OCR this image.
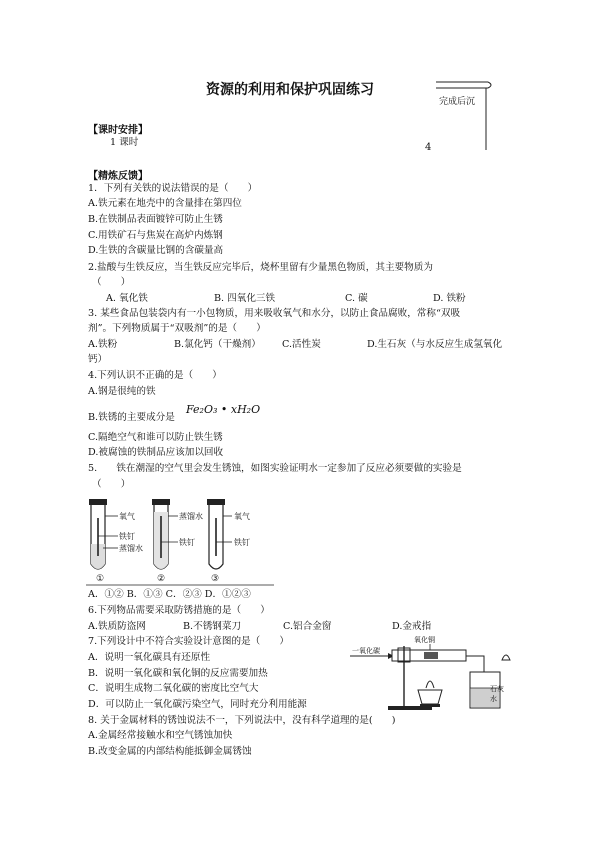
资源的利用和保护巩固练习
完成后沉
4
【课时安排】
1 课时
【精炼反馈】
1．下列有关铁的说法错误的是（　　）
A.铁元素在地壳中的含量排在第四位
B.在铁制品表面镀锌可防止生锈
C.用铁矿石与焦炭在高炉内炼钢
D.生铁的含碳量比钢的含碳量高
2.盐酸与生铁反应，当生铁反应完毕后，烧杯里留有少量黑色物质，其主要物质为
（　　）
A. 氧化铁	B. 四氧化三铁	C. 碳	D. 铁粉
3. 某些食品包装袋内有一小包物质，用来吸收氧气和水分，以防止食品腐败，常称“双吸
剂”。下列物质属于“双吸剂”的是（　　）
A.铁粉	B.氯化钙（干燥剂） C.活性炭	D.生石灰（与水反应生成氢氧化
钙）
4.下列认识不正确的是（　　）
A.钢是很纯的铁
B.铁锈的主要成分是
Fe₂O₃ • xH₂O
C.隔绝空气和谁可以防止铁生锈
D.被腐蚀的铁制品应该加以回收
5.　　铁在潮湿的空气里会发生锈蚀，如图实验证明水一定参加了反应必须要做的实验是
（　　）
氧气
铁钉
蒸馏水
①
蒸馏水
铁钉
②
氧气
铁钉
③
A．①② B．①③ C．②③ D．①②③
6.下列物品需要采取防锈措施的是（　　）
A.铁质防盗网	B.不锈钢菜刀	C.铝合金窗	D.金戒指
7.下列设计中不符合实验设计意图的是（　　）
A．说明一氧化碳具有还原性
B．说明一氧化碳和氧化铜的反应需要加热
C．说明生成物二氧化碳的密度比空气大
D．可以防止一氧化碳污染空气，同时充分利用能源
一氧化碳
氧化铜
石灰
水
8. 关于金属材料的锈蚀说法不一，下列说法中，没有科学道理的是(　　)
A.金属经常接触水和空气锈蚀加快
B.改变金属的内部结构能抵御金属锈蚀
